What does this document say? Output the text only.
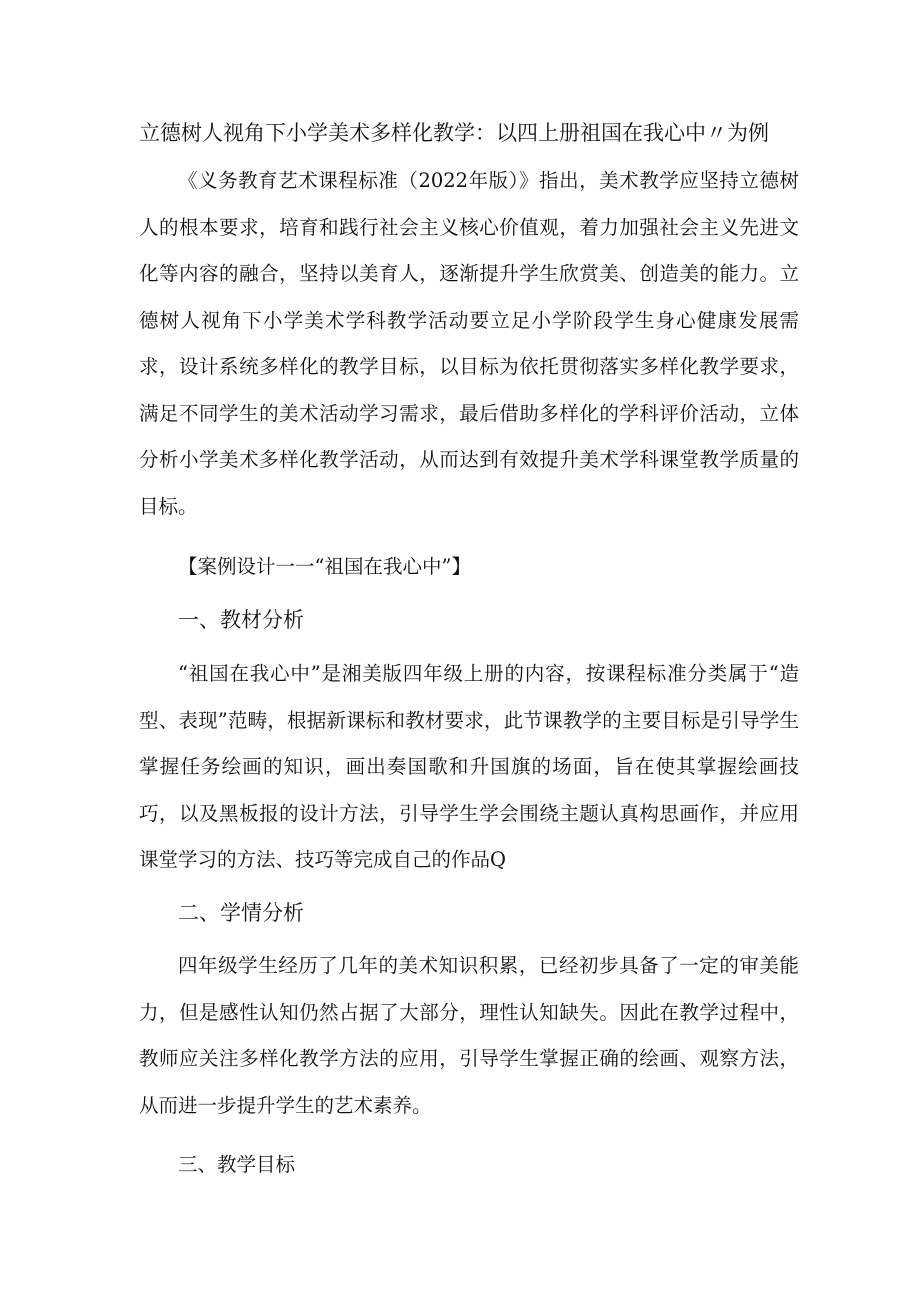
立德树人视角下小学美术多样化教学：以四上册祖国在我心中〃为例

《义务教育艺术课程标准（2022年版）》指出，美术教学应坚持立德树人的根本要求，培育和践行社会主义核心价值观，着力加强社会主义先进文化等内容的融合，坚持以美育人，逐渐提升学生欣赏美、创造美的能力。立德树人视角下小学美术学科教学活动要立足小学阶段学生身心健康发展需求，设计系统多样化的教学目标，以目标为依托贯彻落实多样化教学要求，满足不同学生的美术活动学习需求，最后借助多样化的学科评价活动，立体分析小学美术多样化教学活动，从而达到有效提升美术学科课堂教学质量的目标。

【案例设计一一“祖国在我心中”】

一、教材分析

“祖国在我心中”是湘美版四年级上册的内容，按课程标准分类属于“造型、表现”范畴，根据新课标和教材要求，此节课教学的主要目标是引导学生掌握任务绘画的知识，画出奏国歌和升国旗的场面，旨在使其掌握绘画技巧，以及黑板报的设计方法，引导学生学会围绕主题认真构思画作，并应用课堂学习的方法、技巧等完成自己的作品Q

二、学情分析

四年级学生经历了几年的美术知识积累，已经初步具备了一定的审美能力，但是感性认知仍然占据了大部分，理性认知缺失。因此在教学过程中，教师应关注多样化教学方法的应用，引导学生掌握正确的绘画、观察方法，从而进一步提升学生的艺术素养。

三、教学目标
